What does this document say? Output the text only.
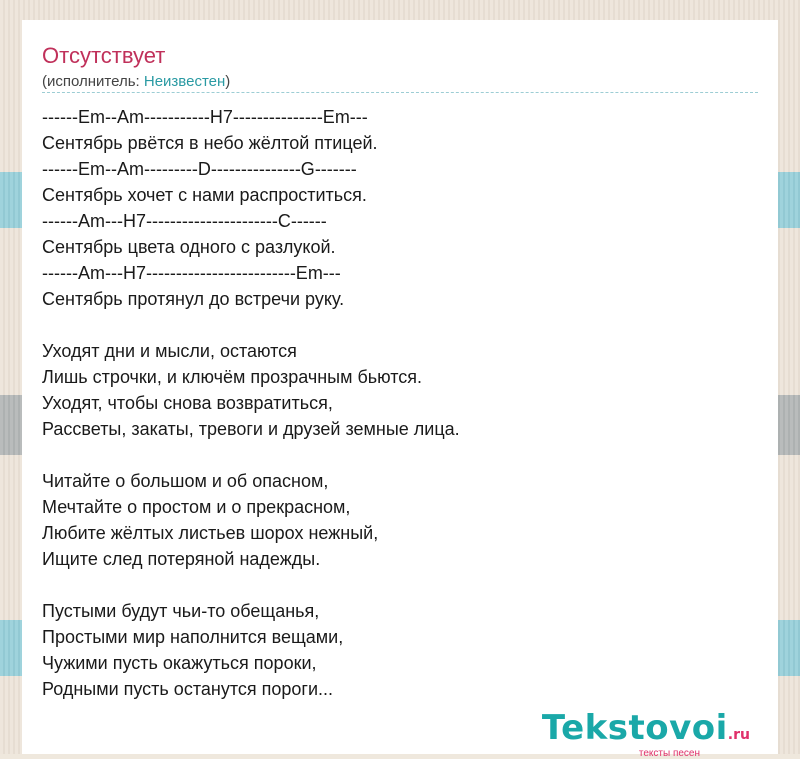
Отсутствует
(исполнитель: Неизвестен)
------Em--Am-----------H7---------------Em---
Сентябрь рвётся в небо жёлтой птицей.
------Em--Am---------D---------------G-------
Сентябрь хочет с нами распроститься.
------Am---H7----------------------C------
Сентябрь цвета одного с разлукой.
------Am---H7-------------------------Em---
Сентябрь протянул до встречи руку.
Уходят дни и мысли, остаются
Лишь строчки, и ключём прозрачным бьются.
Уходят, чтобы снова возвратиться,
Рассветы, закаты, тревоги и друзей земные лица.
Читайте о большом и об опасном,
Мечтайте о простом и о прекрасном,
Любите жёлтых листьев шорох нежный,
Ищите след потеряной надежды.
Пустыми будут чьи-то обещанья,
Простыми мир наполнится вещами,
Чужими пусть окажуться пороки,
Родными пусть останутся пороги...
Tekstovoi.ru
тексты песен
